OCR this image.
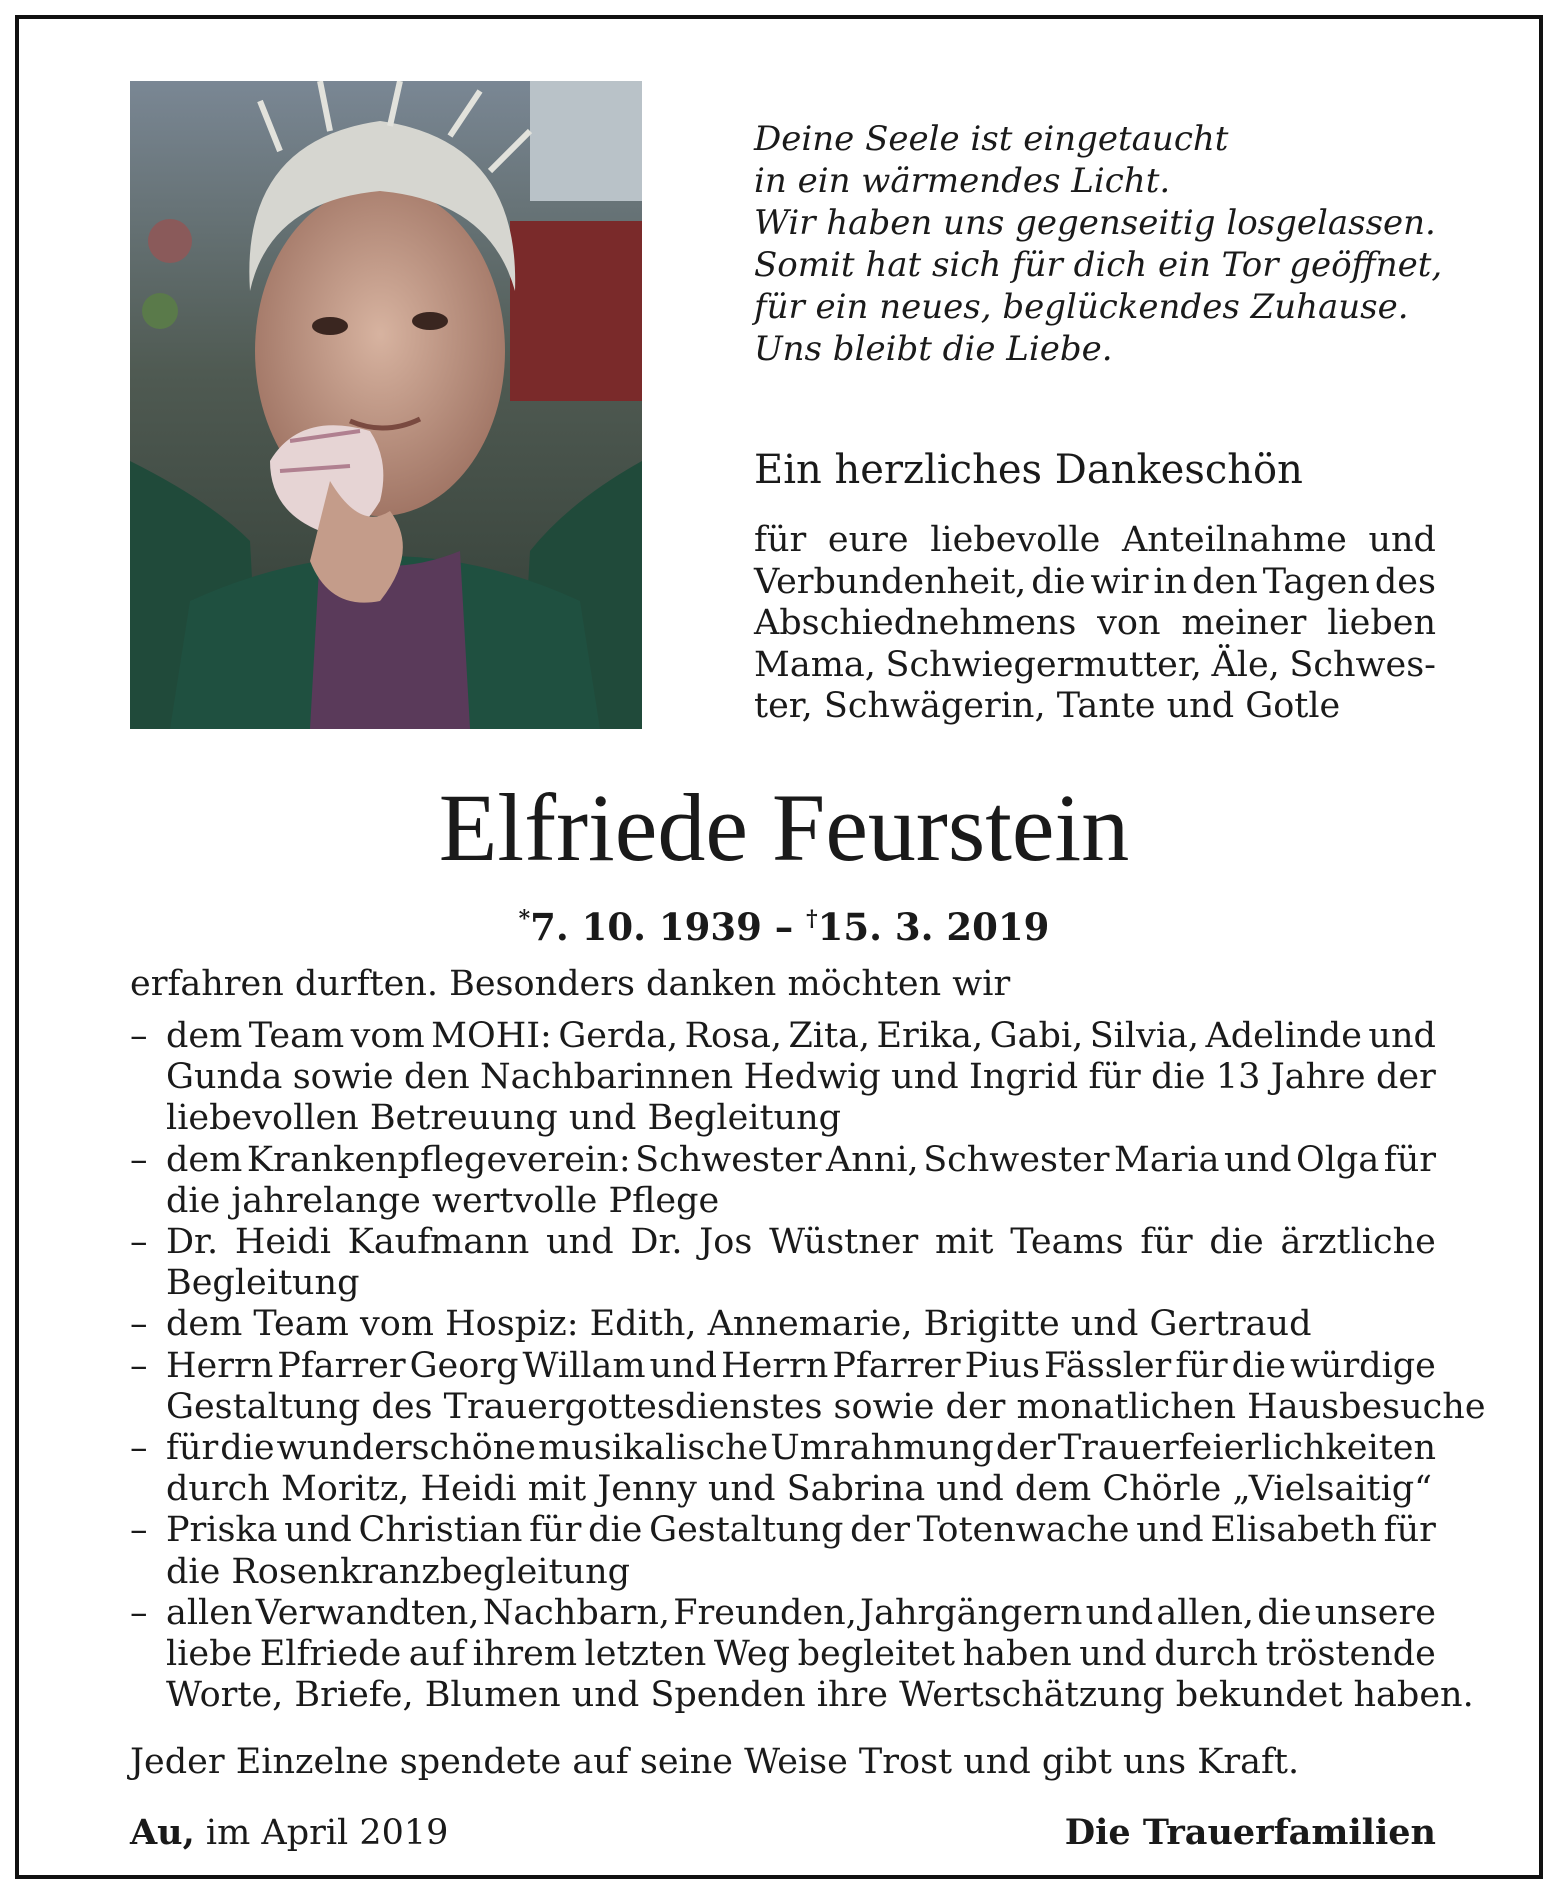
Deine Seele ist eingetaucht
in ein wärmendes Licht.
Wir haben uns gegenseitig losgelassen.
Somit hat sich für dich ein Tor geöffnet,
für ein neues, beglückendes Zuhause.
Uns bleibt die Liebe.
Ein herzliches Dankeschön
für eure liebevolle Anteilnahme und
Verbundenheit, die wir in den Tagen des
Abschiednehmens von meiner lieben
Mama, Schwiegermutter, Äle, Schwes-
ter, Schwägerin, Tante und Gotle
Elfriede Feurstein
*7. 10. 1939 – †15. 3. 2019
erfahren durften. Besonders danken möchten wir
– dem Team vom MOHI: Gerda, Rosa, Zita, Erika, Gabi, Silvia, Adelinde und
Gunda sowie den Nachbarinnen Hedwig und Ingrid für die 13 Jahre der
liebevollen Betreuung und Begleitung
– dem Krankenpflegeverein: Schwester Anni, Schwester Maria und Olga für
die jahrelange wertvolle Pflege
– Dr. Heidi Kaufmann und Dr. Jos Wüstner mit Teams für die ärztliche
Begleitung
– dem Team vom Hospiz: Edith, Annemarie, Brigitte und Gertraud
– Herrn Pfarrer Georg Willam und Herrn Pfarrer Pius Fässler für die würdige
Gestaltung des Trauergottesdienstes sowie der monatlichen Hausbesuche
– für die wunderschöne musikalische Umrahmung der Trauerfeierlichkeiten
durch Moritz, Heidi mit Jenny und Sabrina und dem Chörle „Vielsaitig“
– Priska und Christian für die Gestaltung der Totenwache und Elisabeth für
die Rosenkranzbegleitung
– allen Verwandten, Nachbarn, Freunden, Jahrgängern und allen, die unsere
liebe Elfriede auf ihrem letzten Weg begleitet haben und durch tröstende
Worte, Briefe, Blumen und Spenden ihre Wertschätzung bekundet haben.
Jeder Einzelne spendete auf seine Weise Trost und gibt uns Kraft.
Au, im April 2019	Die Trauerfamilien
